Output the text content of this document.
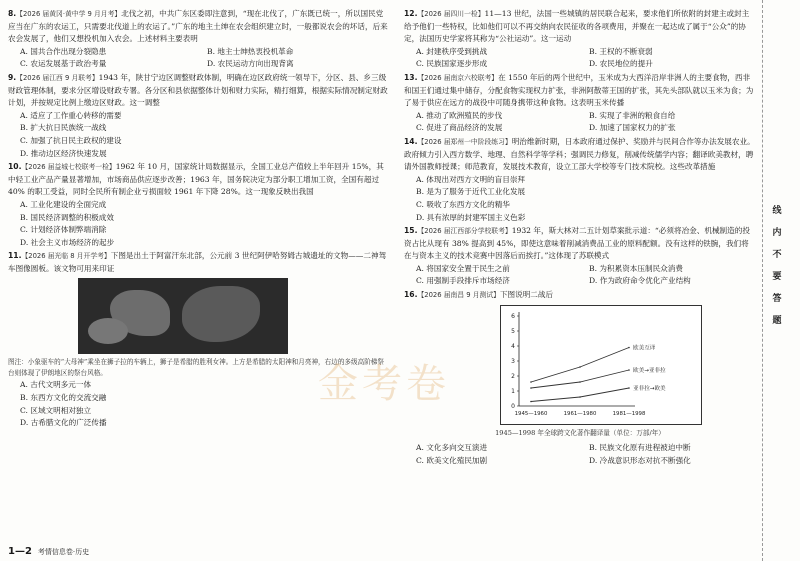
8.【2026 届黄冈·黄中学 9 月月考】北伐之初，中共广东区委即注意到，“现在北伐了，广东既已统一，所以国民党应当在广东的农运工，只需要北伐道上的农运了。”广东的地主土绅在农会组织建立时，一般都说农会的坏话，后来农会发展了，他们又想投机加入农会。上述材料主要表明
A. 国共合作出现分裂隐患	B. 地主士绅热衷投机革命
C. 农运发展基于政治考量	D. 农民运动方向出现背离
9.【2026 届江西 9 月联考】1943 年，陕甘宁边区调整财政体制，明确在边区政府统一领导下，分区、县、乡三级财政管理体制，要求分区增设财政专署。各分区和县依据整体计划和财力实际，精打细算，根据实际情况制定财政计划，并按规定比例上缴边区财政。这一调整
A. 适应了工作重心转移的需要
B. 扩大抗日民族统一战线
C. 加强了抗日民主政权的建设
D. 推动边区经济快速发展
10.【2026 届益城七校联考一检】1962 年 10 月，国家统计局数据显示，全国工业总产值较上半年回升 15%，其中轻工业产品产量显著增加，市场商品供应逐步改善；1963 年，国务院决定为部分职工增加工资，全国有超过 40% 的职工受益，同时全民所有制企业亏损面较 1961 年下降 28%。这一现象反映出我国
A. 工业化建设的全面完成
B. 国民经济调整的积极成效
C. 计划经济体制弊端消除
D. 社会主义市场经济的起步
11.【2026 届光临 8 月开学考】下图是出土于阿富汗东北部，公元前 3 世纪阿伊哈努姆古城遗址的文物——二神驾车图像圆板。该文物可用来印证
图注：小象驱车的“大母神”乘坐在狮子拉的车辆上，狮子是希腊的胜利女神。上方是希腊的太阳神和月亮神，右边的多级高阶梯祭台则体现了伊朗地区的祭台风格。
A. 古代文明多元一体
B. 东西方文化的交流交融
C. 区域文明相对独立
D. 古希腊文化的广泛传播
12.【2026 届四川一检】11—13 世纪，法国一些城镇的居民联合起来，要求他们所依附的封建主或封主给予他们一些特权，比如他们可以不再交纳向农民征收的各项费用，并聚在一起达成了属于“公众”的协定，法国历史学家将其称为“公社运动”。这一运动
A. 封建秩序受到挑战	B. 王权的不断衰弱
C. 民族国家逐步形成	D. 农民地位的提升
13.【2026 届南京六校联考】在 1550 年后的两个世纪中，玉米成为大西洋沿岸非洲人的主要食物，西非和国王们通过集中储存，分配食物实现权力扩张，非洲阿散蒂王国的扩张，其先头部队就以玉米为食；为了易于供应在远方的战役中可随身携带这种食物。这表明玉米传播
A. 推动了欧洲殖民的步伐	B. 实现了非洲的粮食自给
C. 促进了商品经济的发展	D. 加速了国家权力的扩张
14.【2026 届郑州一中阶段练习】明治维新时期，日本政府通过保护、奖励并与民间合作等办法发展农业。政府倾力引入西方数学、地理、自然科学等学科；强调民力修复，削减传统儒学内容；翻译欧美教材，聘请外国教师授课；师范教育，发展技术教育，设立工部大学校等专门技术院校。这些改革措施
A. 体现出对西方文明的盲目崇拜
B. 是为了服务于近代工业化发展
C. 吸收了东西方文化的精华
D. 具有浓厚的封建军国主义色彩
15.【2026 届江西部分学校联考】1932 年，斯大林对二五计划草案批示道：“必须将冶金、机械制造的投资占比从现有 38% 提高到 45%，即使这意味着削减消费品工业的原料配额。没有这样的铁腕，我们将在与资本主义的技术竞赛中因落后而挨打。”这体现了苏联模式
A. 将国家安全置于民生之前	B. 为积累资本压制民众消费
C. 用强制手段排斥市场经济	D. 作为政府命令优化产业结构
16.【2026 届南昌 9 月测试】下图说明二战后
0
1
2
3
4
5
6
1945—1960	1961—1980	1981—1998
欧美互译
欧美→亚非拉
亚非拉→欧美
1945—1998 年全球跨文化著作翻译量（单位：万部/年）
A. 文化多向交互演进	B. 民族文化原有进程被迫中断
C. 欧美文化殖民加剧	D. 冷战意识形态对抗不断强化
金考卷
线
内
不
要
答
题
1—2 考情信息卷·历史
